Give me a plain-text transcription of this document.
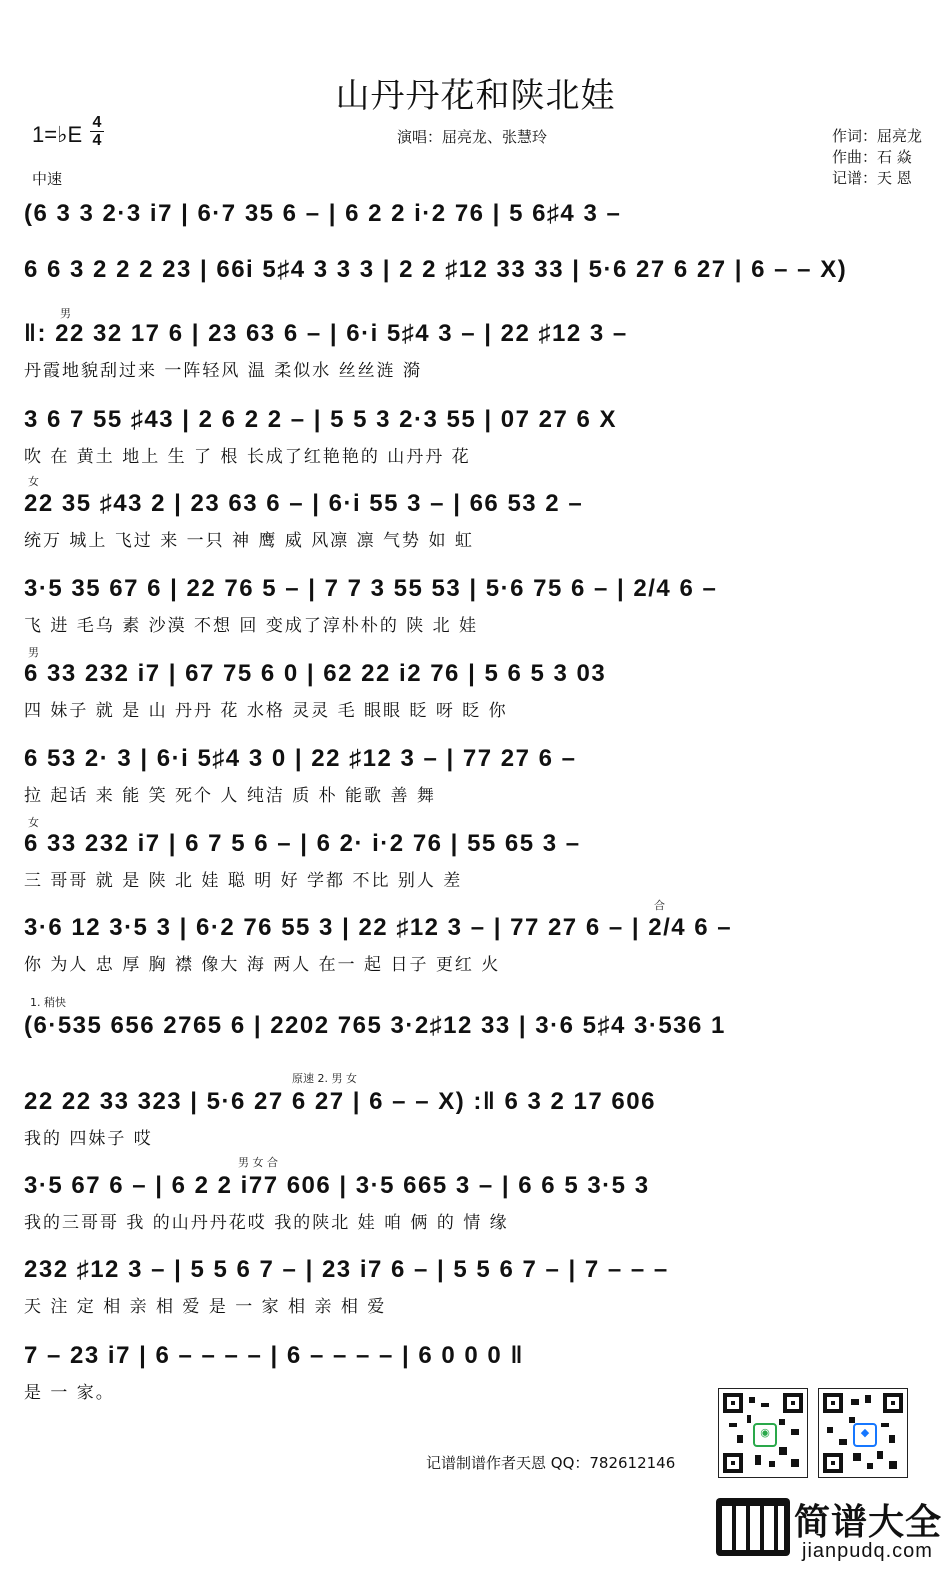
山丹丹花和陕北娃
1=♭E 4
4
中速
演唱：屈亮龙、张慧玲	作词：屈亮龙
作曲：石 焱
记谱：天 恩
(6 3 3 2·3 i7 | 6·7 35 6 – | 6 2 2 i·2 76 | 5 6♯4 3 –
6 6 3 2 2 2 23 | 66i 5♯4 3 3 3 | 2 2 ♯12 33 33 | 5·6 27 6 27 | 6 – – X)
男
‖: 22 32 17 6 | 23 63 6 – | 6·i 5♯4 3 – | 22 ♯12 3 –
丹霞地貌刮过来 一阵轻风 温 柔似水 丝丝涟 漪
3 6 7 55 ♯43 | 2 6 2 2 – | 5 5 3 2·3 55 | 07 27 6 X
吹 在 黄土 地上 生 了 根 长成了红艳艳的 山丹丹 花
女
22 35 ♯43 2 | 23 63 6 – | 6·i 55 3 – | 66 53 2 –
统万 城上 飞过 来 一只 神 鹰 威 风凛 凛 气势 如 虹
3·5 35 67 6 | 22 76 5 – | 7 7 3 55 53 | 5·6 75 6 – | 2/4 6 –
飞 进 毛乌 素 沙漠 不想 回 变成了淳朴朴的 陕 北 娃
男
6 33 232 i7 | 67 75 6 0 | 62 22 i2 76 | 5 6 5 3 03
四 妹子 就 是 山 丹丹 花 水格 灵灵 毛 眼眼 眨 呀 眨 你
6 53 2· 3 | 6·i 5♯4 3 0 | 22 ♯12 3 – | 77 27 6 –
拉 起话 来 能 笑 死个 人 纯洁 质 朴 能歌 善 舞
女
6 33 232 i7 | 6 7 5 6 – | 6 2· i·2 76 | 55 65 3 –
三 哥哥 就 是 陕 北 娃 聪 明 好 学都 不比 别人 差
合
3·6 12 3·5 3 | 6·2 76 55 3 | 22 ♯12 3 – | 77 27 6 – | 2/4 6 –
你 为人 忠 厚 胸 襟 像大 海 两人 在一 起 日子 更红 火
1. 稍快
(6·535 656 2765 6 | 2202 765 3·2♯12 33 | 3·6 5♯4 3·536 1
原速 2. 男 女
22 22 33 323 | 5·6 27 6 27 | 6 – – X) :‖ 6 3 2 17 606
我的 四妹子 哎
男 女 合
3·5 67 6 – | 6 2 2 i77 606 | 3·5 665 3 – | 6 6 5 3·5 3
我的三哥哥 我 的山丹丹花哎 我的陕北 娃 咱 俩 的 情 缘
232 ♯12 3 – | 5 5 6 7 – | 23 i7 6 – | 5 5 6 7 – | 7 – – –
天 注 定 相 亲 相 爱 是 一 家 相 亲 相 爱
7 – 23 i7 | 6 – – – – | 6 – – – – | 6 0 0 0 ‖
是 一 家。
◉	◆
记谱制谱作者天恩 QQ：782612146
简谱大全
jianpudq.com
